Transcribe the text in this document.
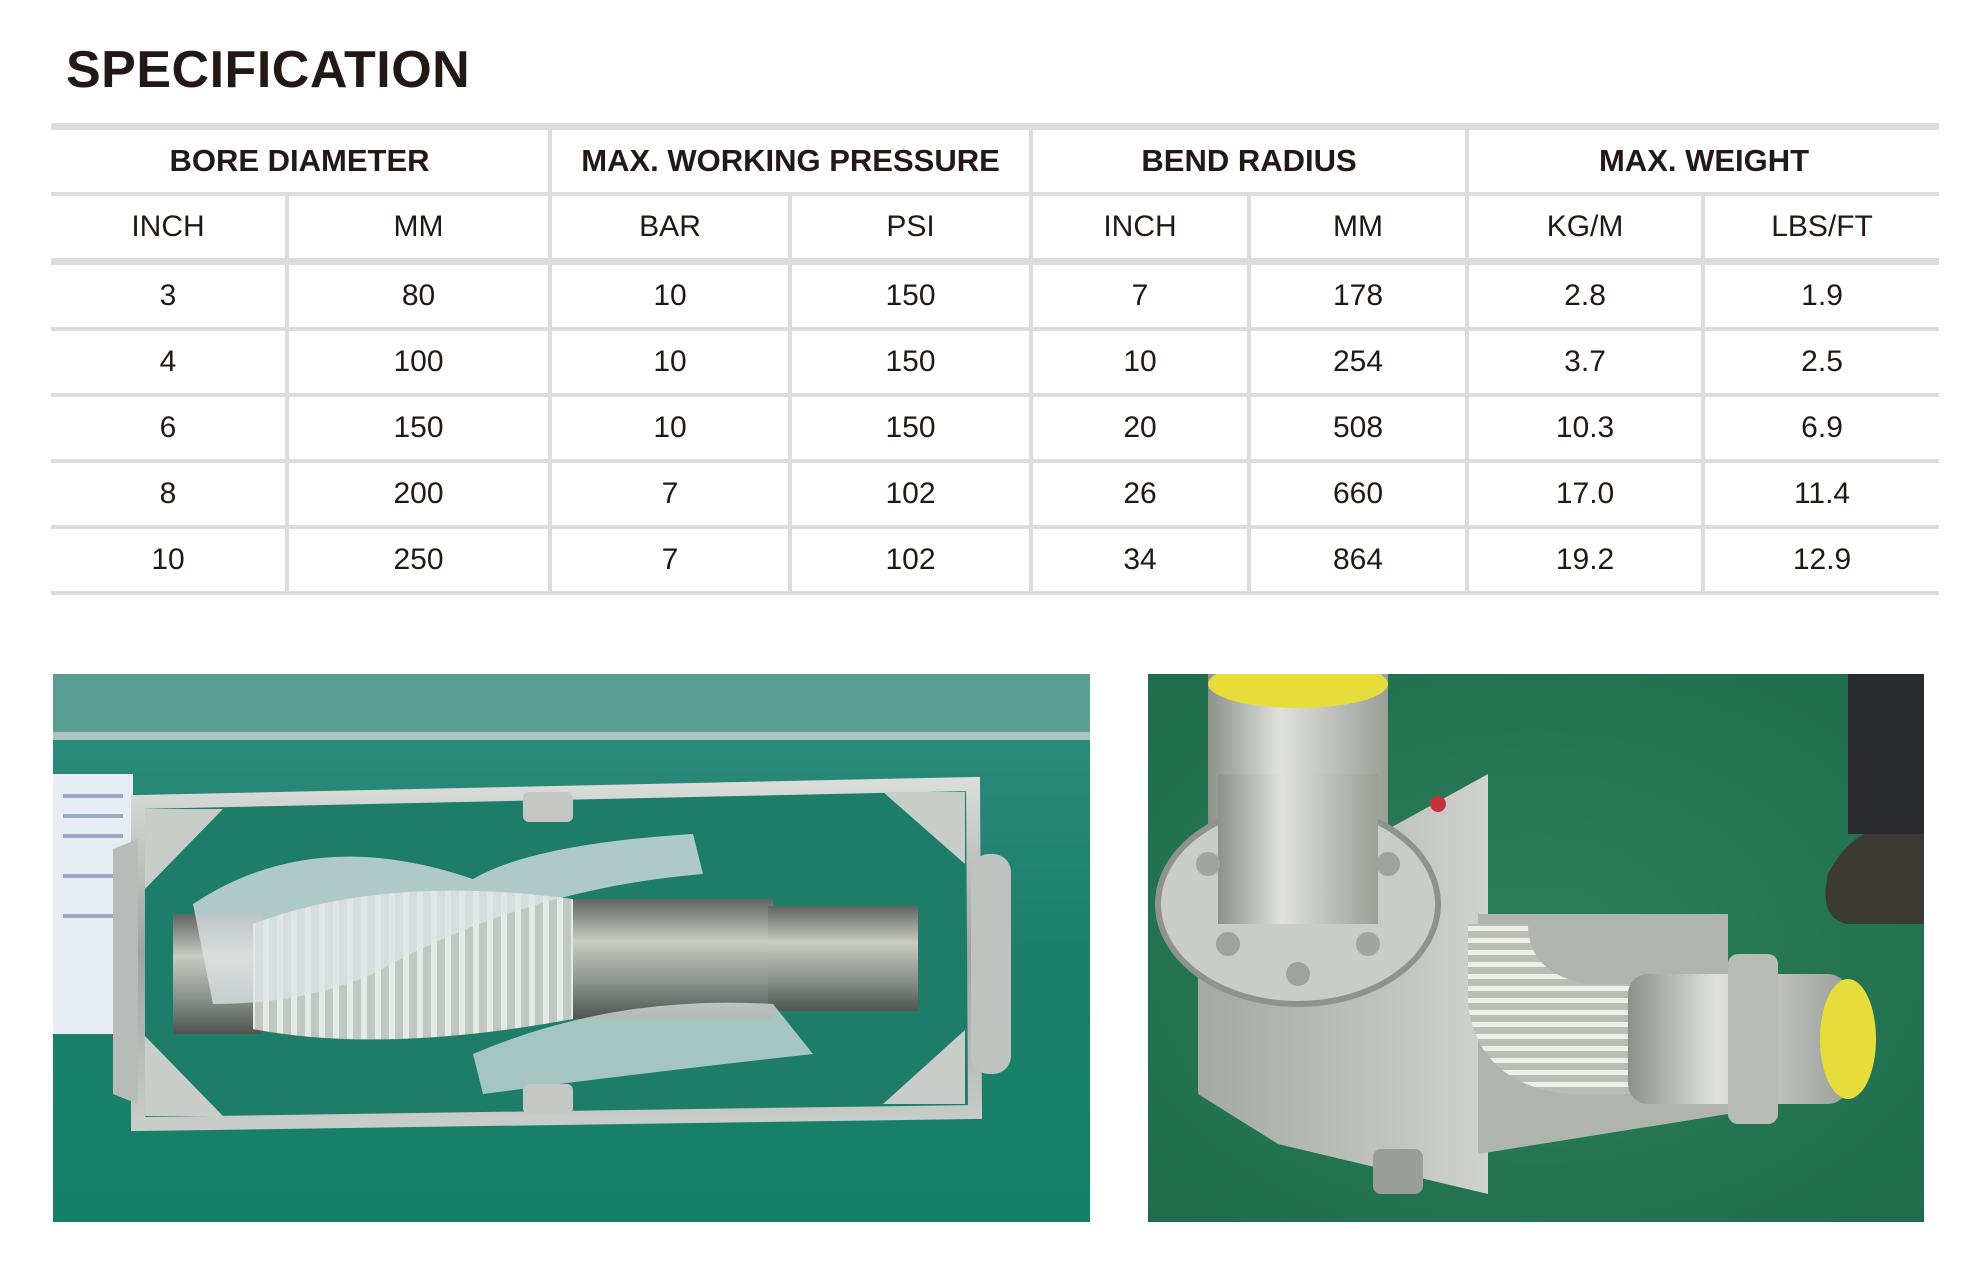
SPECIFICATION
BORE DIAMETER		MAX. WORKING PRESSURE		BEND RADIUS		MAX. WEIGHT	
INCH	MM	BAR	PSI	INCH	MM	KG/M	LBS/FT
3	80	10	150	7	178	2.8	1.9
4	100	10	150	10	254	3.7	2.5
6	150	10	150	20	508	10.3	6.9
8	200	7	102	26	660	17.0	11.4
10	250	7	102	34	864	19.2	12.9
